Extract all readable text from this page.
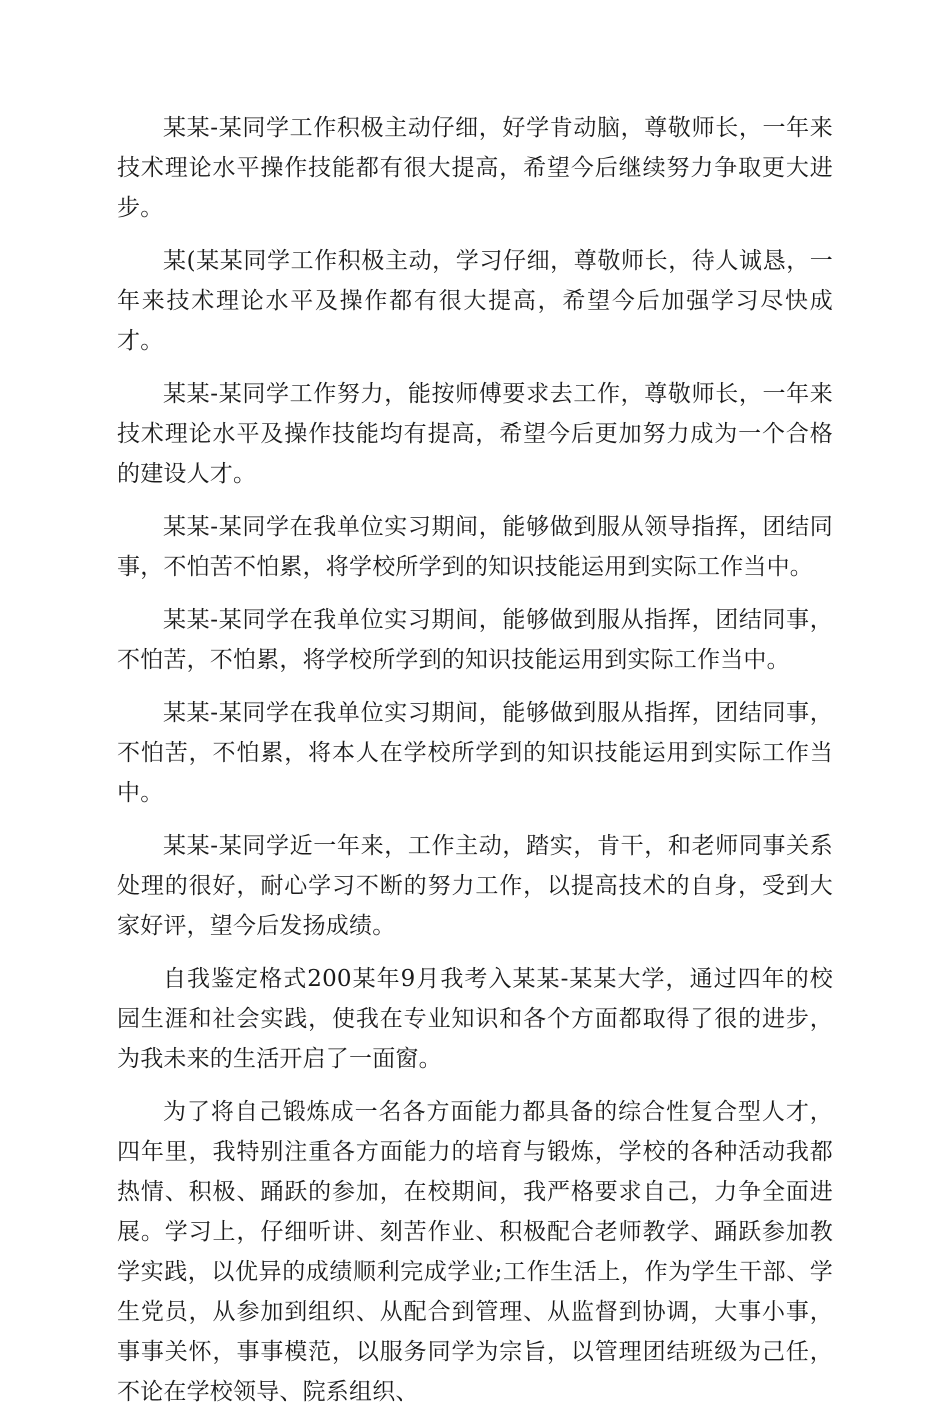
某某-某同学工作积极主动仔细，好学肯动脑，尊敬师长，一年来技术理论水平操作技能都有很大提高，希望今后继续努力争取更大进步。

某(某某同学工作积极主动，学习仔细，尊敬师长，待人诚恳，一年来技术理论水平及操作都有很大提高，希望今后加强学习尽快成才。

某某-某同学工作努力，能按师傅要求去工作，尊敬师长，一年来技术理论水平及操作技能均有提高，希望今后更加努力成为一个合格的建设人才。

某某-某同学在我单位实习期间，能够做到服从领导指挥，团结同事，不怕苦不怕累，将学校所学到的知识技能运用到实际工作当中。

某某-某同学在我单位实习期间，能够做到服从指挥，团结同事，不怕苦，不怕累，将学校所学到的知识技能运用到实际工作当中。

某某-某同学在我单位实习期间，能够做到服从指挥，团结同事，不怕苦，不怕累，将本人在学校所学到的知识技能运用到实际工作当中。

某某-某同学近一年来，工作主动，踏实，肯干，和老师同事关系处理的很好，耐心学习不断的努力工作，以提高技术的自身，受到大家好评，望今后发扬成绩。

自我鉴定格式200某年9月我考入某某-某某大学，通过四年的校园生涯和社会实践，使我在专业知识和各个方面都取得了很的进步，为我未来的生活开启了一面窗。

为了将自己锻炼成一名各方面能力都具备的综合性复合型人才，四年里，我特别注重各方面能力的培育与锻炼，学校的各种活动我都热情、积极、踊跃的参加，在校期间，我严格要求自己，力争全面进展。学习上，仔细听讲、刻苦作业、积极配合老师教学、踊跃参加教学实践，以优异的成绩顺利完成学业;工作生活上，作为学生干部、学生党员，从参加到组织、从配合到管理、从监督到协调，大事小事，事事关怀，事事模范，以服务同学为宗旨，以管理团结班级为己任，不论在学校领导、院系组织、
